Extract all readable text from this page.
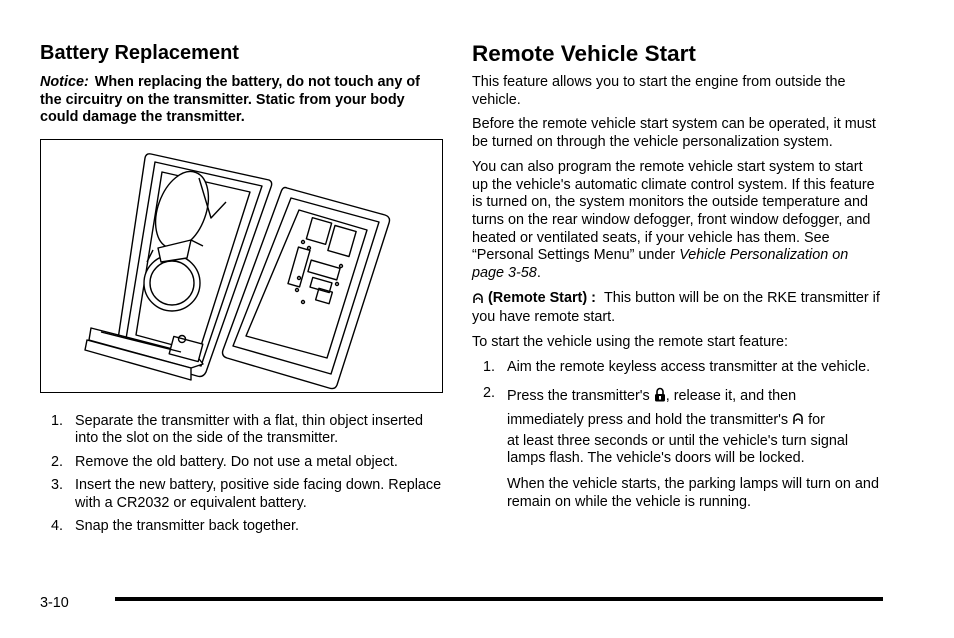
Battery Replacement
Notice: When replacing the battery, do not touch any of the circuitry on the transmitter. Static from your body could damage the transmitter.
1. Separate the transmitter with a flat, thin object inserted into the slot on the side of the transmitter.
2. Remove the old battery. Do not use a metal object.
3. Insert the new battery, positive side facing down. Replace with a CR2032 or equivalent battery.
4. Snap the transmitter back together.
Remote Vehicle Start

This feature allows you to start the engine from outside the vehicle.

Before the remote vehicle start system can be operated, it must be turned on through the vehicle personalization system.

You can also program the remote vehicle start system to start up the vehicle's automatic climate control system. If this feature is turned on, the system monitors the outside temperature and turns on the rear window defogger, front window defogger, and heated or ventilated seats, if your vehicle has them. See “Personal Settings Menu” under Vehicle Personalization on page 3-58.

(Remote Start) : This button will be on the RKE transmitter if you have remote start.

To start the vehicle using the remote start feature:

1. Aim the remote keyless access transmitter at the vehicle.
2. Press the transmitter's , release it, and then
immediately press and hold the transmitter's for
at least three seconds or until the vehicle's turn signal lamps flash. The vehicle's doors will be locked.

When the vehicle starts, the parking lamps will turn on and remain on while the vehicle is running.

3-10
